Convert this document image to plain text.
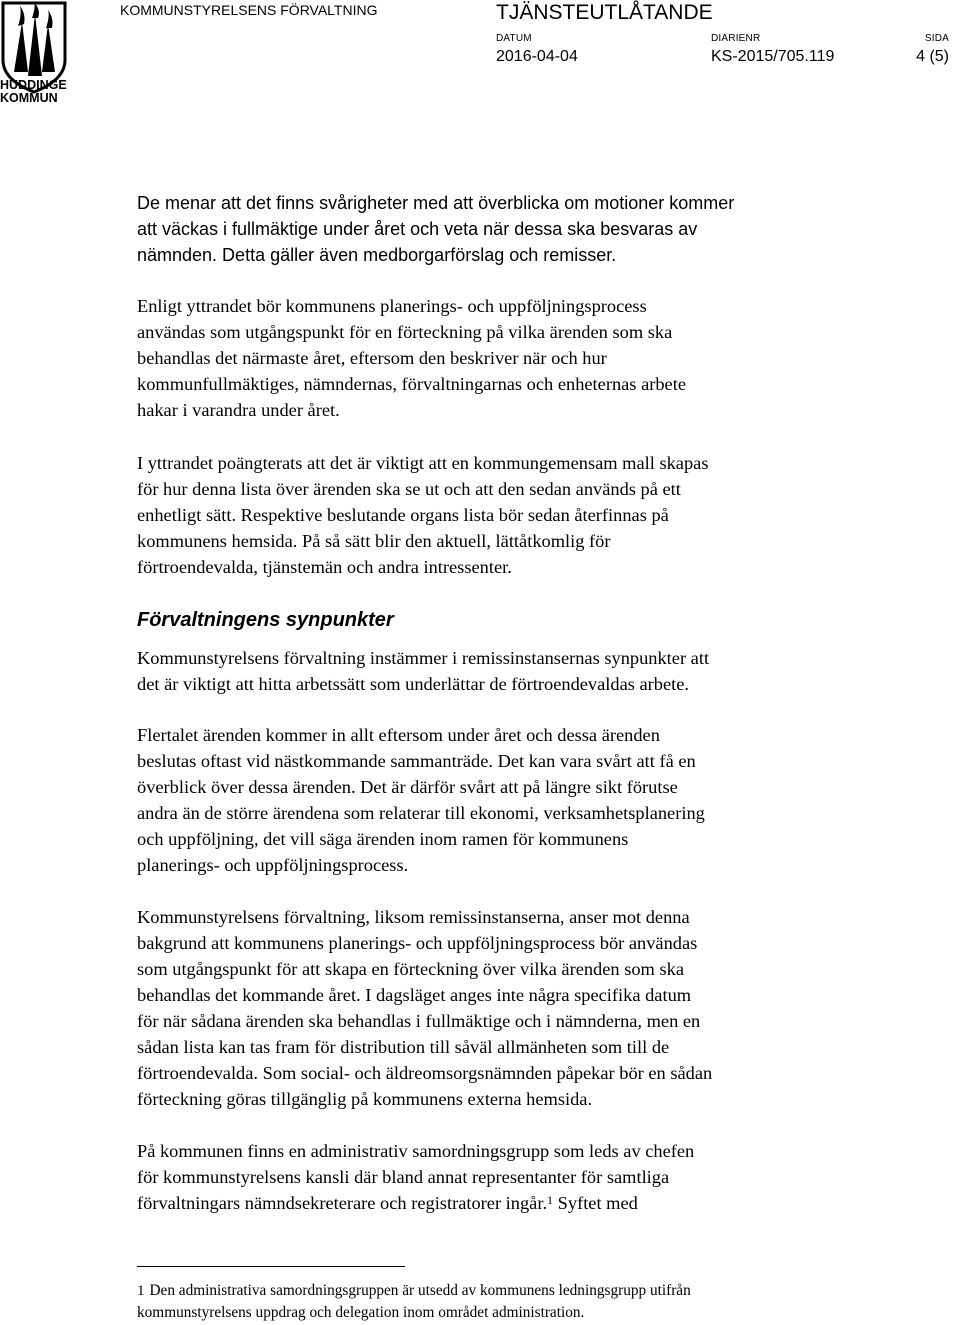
HUDDINGE KOMMUN
KOMMUNSTYRELSENS FÖRVALTNING	TJÄNSTEUTLÅTANDE
DATUM
2016-04-04
DIARIENR
KS-2015/705.119
SIDA
4 (5)
De menar att det finns svårigheter med att överblicka om motioner kommer
att väckas i fullmäktige under året och veta när dessa ska besvaras av
nämnden. Detta gäller även medborgarförslag och remisser.
Enligt yttrandet bör kommunens planerings- och uppföljningsprocess
användas som utgångspunkt för en förteckning på vilka ärenden som ska
behandlas det närmaste året, eftersom den beskriver när och hur
kommunfullmäktiges, nämndernas, förvaltningarnas och enheternas arbete
hakar i varandra under året.
I yttrandet poängterats att det är viktigt att en kommungemensam mall skapas
för hur denna lista över ärenden ska se ut och att den sedan används på ett
enhetligt sätt. Respektive beslutande organs lista bör sedan återfinnas på
kommunens hemsida. På så sätt blir den aktuell, lättåtkomlig för
förtroendevalda, tjänstemän och andra intressenter.
Förvaltningens synpunkter
Kommunstyrelsens förvaltning instämmer i remissinstansernas synpunkter att
det är viktigt att hitta arbetssätt som underlättar de förtroendevaldas arbete.
Flertalet ärenden kommer in allt eftersom under året och dessa ärenden
beslutas oftast vid nästkommande sammanträde. Det kan vara svårt att få en
överblick över dessa ärenden. Det är därför svårt att på längre sikt förutse
andra än de större ärendena som relaterar till ekonomi, verksamhetsplanering
och uppföljning, det vill säga ärenden inom ramen för kommunens
planerings- och uppföljningsprocess.
Kommunstyrelsens förvaltning, liksom remissinstanserna, anser mot denna
bakgrund att kommunens planerings- och uppföljningsprocess bör användas
som utgångspunkt för att skapa en förteckning över vilka ärenden som ska
behandlas det kommande året. I dagsläget anges inte några specifika datum
för när sådana ärenden ska behandlas i fullmäktige och i nämnderna, men en
sådan lista kan tas fram för distribution till såväl allmänheten som till de
förtroendevalda. Som social- och äldreomsorgsnämnden påpekar bör en sådan
förteckning göras tillgänglig på kommunens externa hemsida.
På kommunen finns en administrativ samordningsgrupp som leds av chefen
för kommunstyrelsens kansli där bland annat representanter för samtliga
förvaltningars nämndsekreterare och registratorer ingår.$^1$ Syftet med
1 Den administrativa samordningsgruppen är utsedd av kommunens ledningsgrupp utifrån
kommunstyrelsens uppdrag och delegation inom området administration.
